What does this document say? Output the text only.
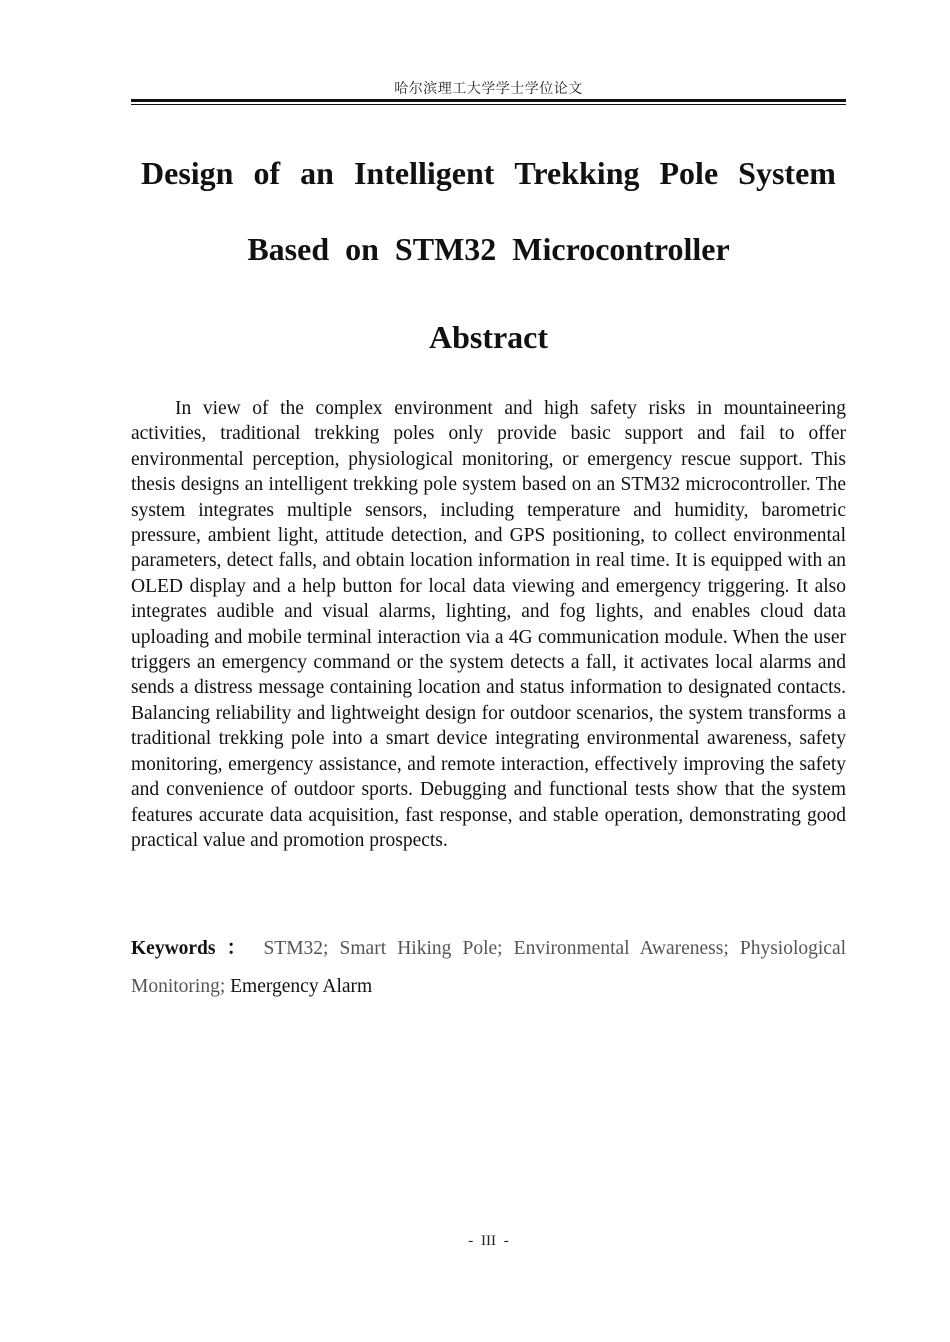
哈尔滨理工大学学士学位论文
Design of an Intelligent Trekking Pole System
Based on STM32 Microcontroller
Abstract

In view of the complex environment and high safety risks in mountaineering activities, traditional trekking poles only provide basic support and fail to offer environmental perception, physiological monitoring, or emergency rescue support. This thesis designs an intelligent trekking pole system based on an STM32 microcontroller. The system integrates multiple sensors, including temperature and humidity, barometric pressure, ambient light, attitude detection, and GPS positioning, to collect environmental parameters, detect falls, and obtain location information in real time. It is equipped with an OLED display and a help button for local data viewing and emergency triggering. It also integrates audible and visual alarms, lighting, and fog lights, and enables cloud data uploading and mobile terminal interaction via a 4G communication module. When the user triggers an emergency command or the system detects a fall, it activates local alarms and sends a distress message containing location and status information to designated contacts. Balancing reliability and lightweight design for outdoor scenarios, the system transforms a traditional trekking pole into a smart device integrating environmental awareness, safety monitoring, emergency assistance, and remote interaction, effectively improving the safety and convenience of outdoor sports. Debugging and functional tests show that the system features accurate data acquisition, fast response, and stable operation, demonstrating good practical value and promotion prospects.

Keywords ： STM32; Smart Hiking Pole; Environmental Awareness; Physiological Monitoring; Emergency Alarm
- III -
